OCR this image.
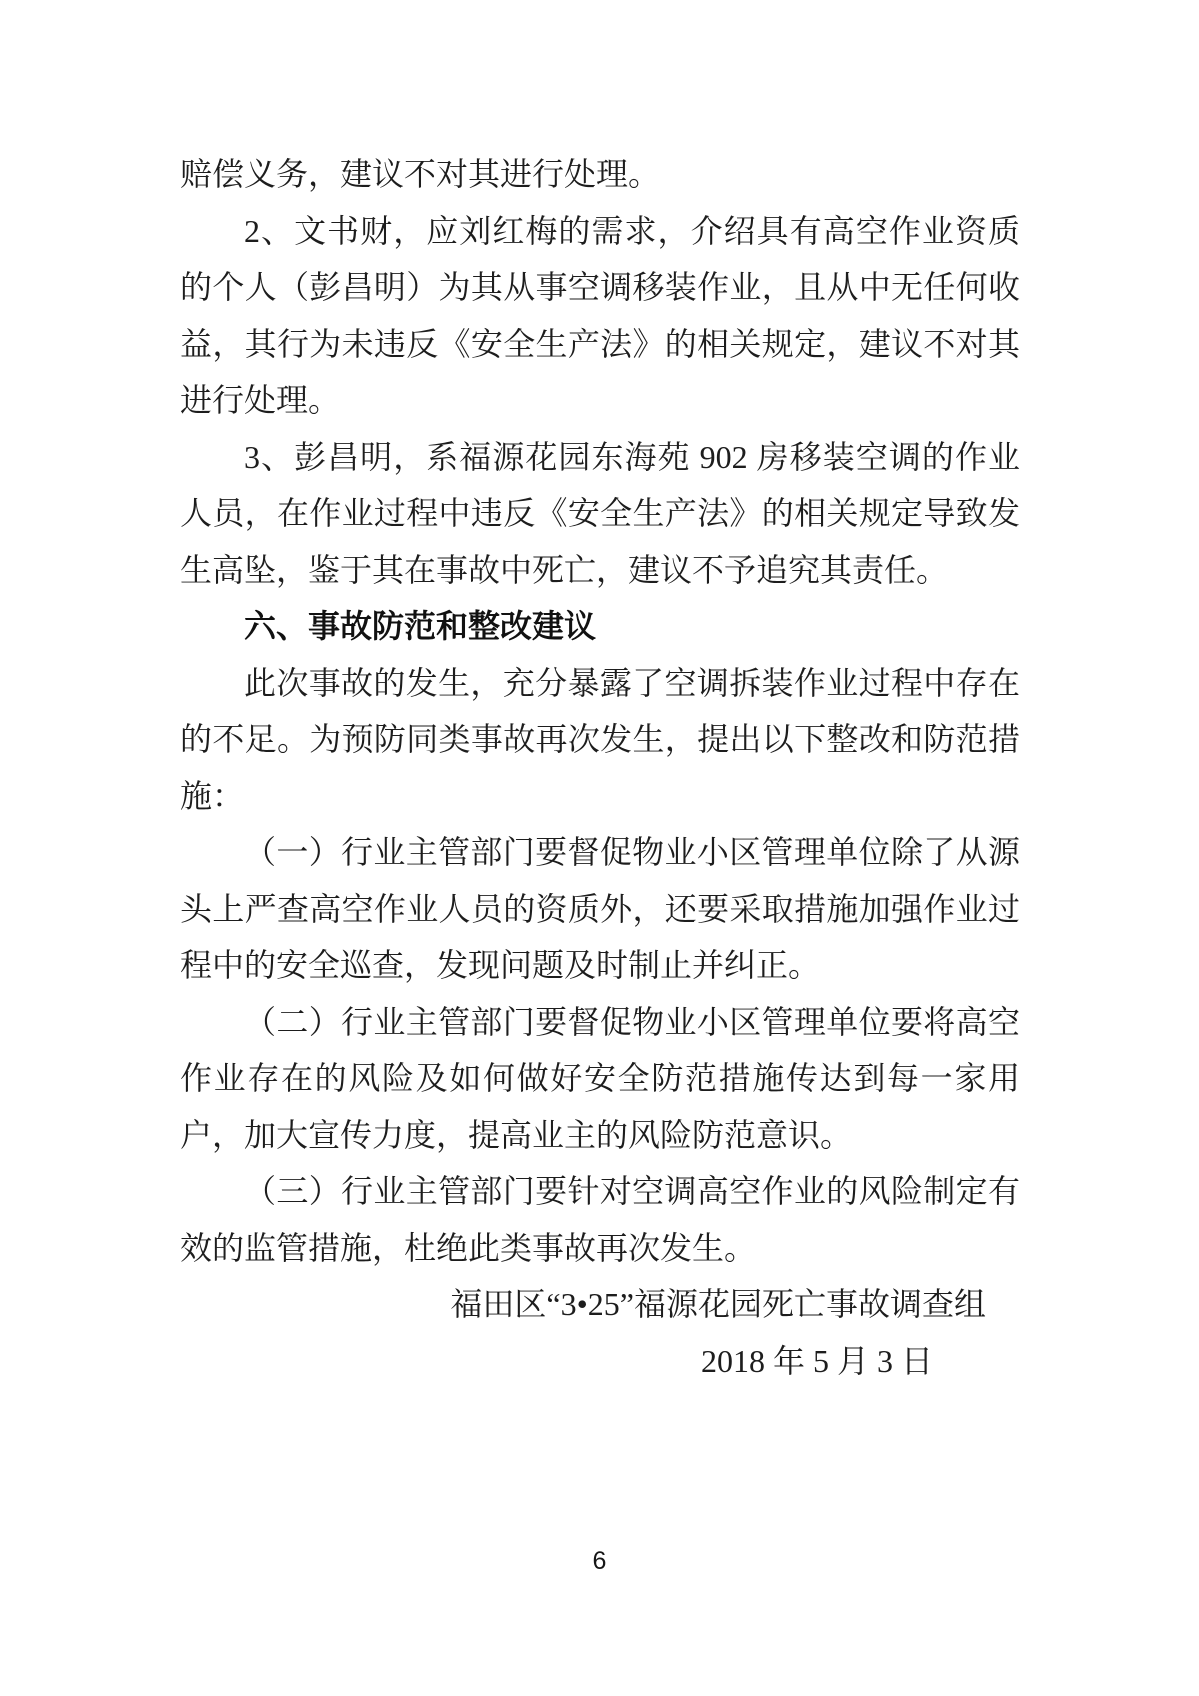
赔偿义务，建议不对其进行处理。

2、文书财，应刘红梅的需求，介绍具有高空作业资质的个人（彭昌明）为其从事空调移装作业，且从中无任何收益，其行为未违反《安全生产法》的相关规定，建议不对其进行处理。

3、彭昌明，系福源花园东海苑 902 房移装空调的作业人员，在作业过程中违反《安全生产法》的相关规定导致发生高坠，鉴于其在事故中死亡，建议不予追究其责任。

六、事故防范和整改建议

此次事故的发生，充分暴露了空调拆装作业过程中存在的不足。为预防同类事故再次发生，提出以下整改和防范措施：

（一）行业主管部门要督促物业小区管理单位除了从源头上严查高空作业人员的资质外，还要采取措施加强作业过程中的安全巡查，发现问题及时制止并纠正。

（二）行业主管部门要督促物业小区管理单位要将高空作业存在的风险及如何做好安全防范措施传达到每一家用户，加大宣传力度，提高业主的风险防范意识。

（三）行业主管部门要针对空调高空作业的风险制定有效的监管措施，杜绝此类事故再次发生。

福田区“3•25”福源花园死亡事故调查组

2018 年 5 月 3 日

6
